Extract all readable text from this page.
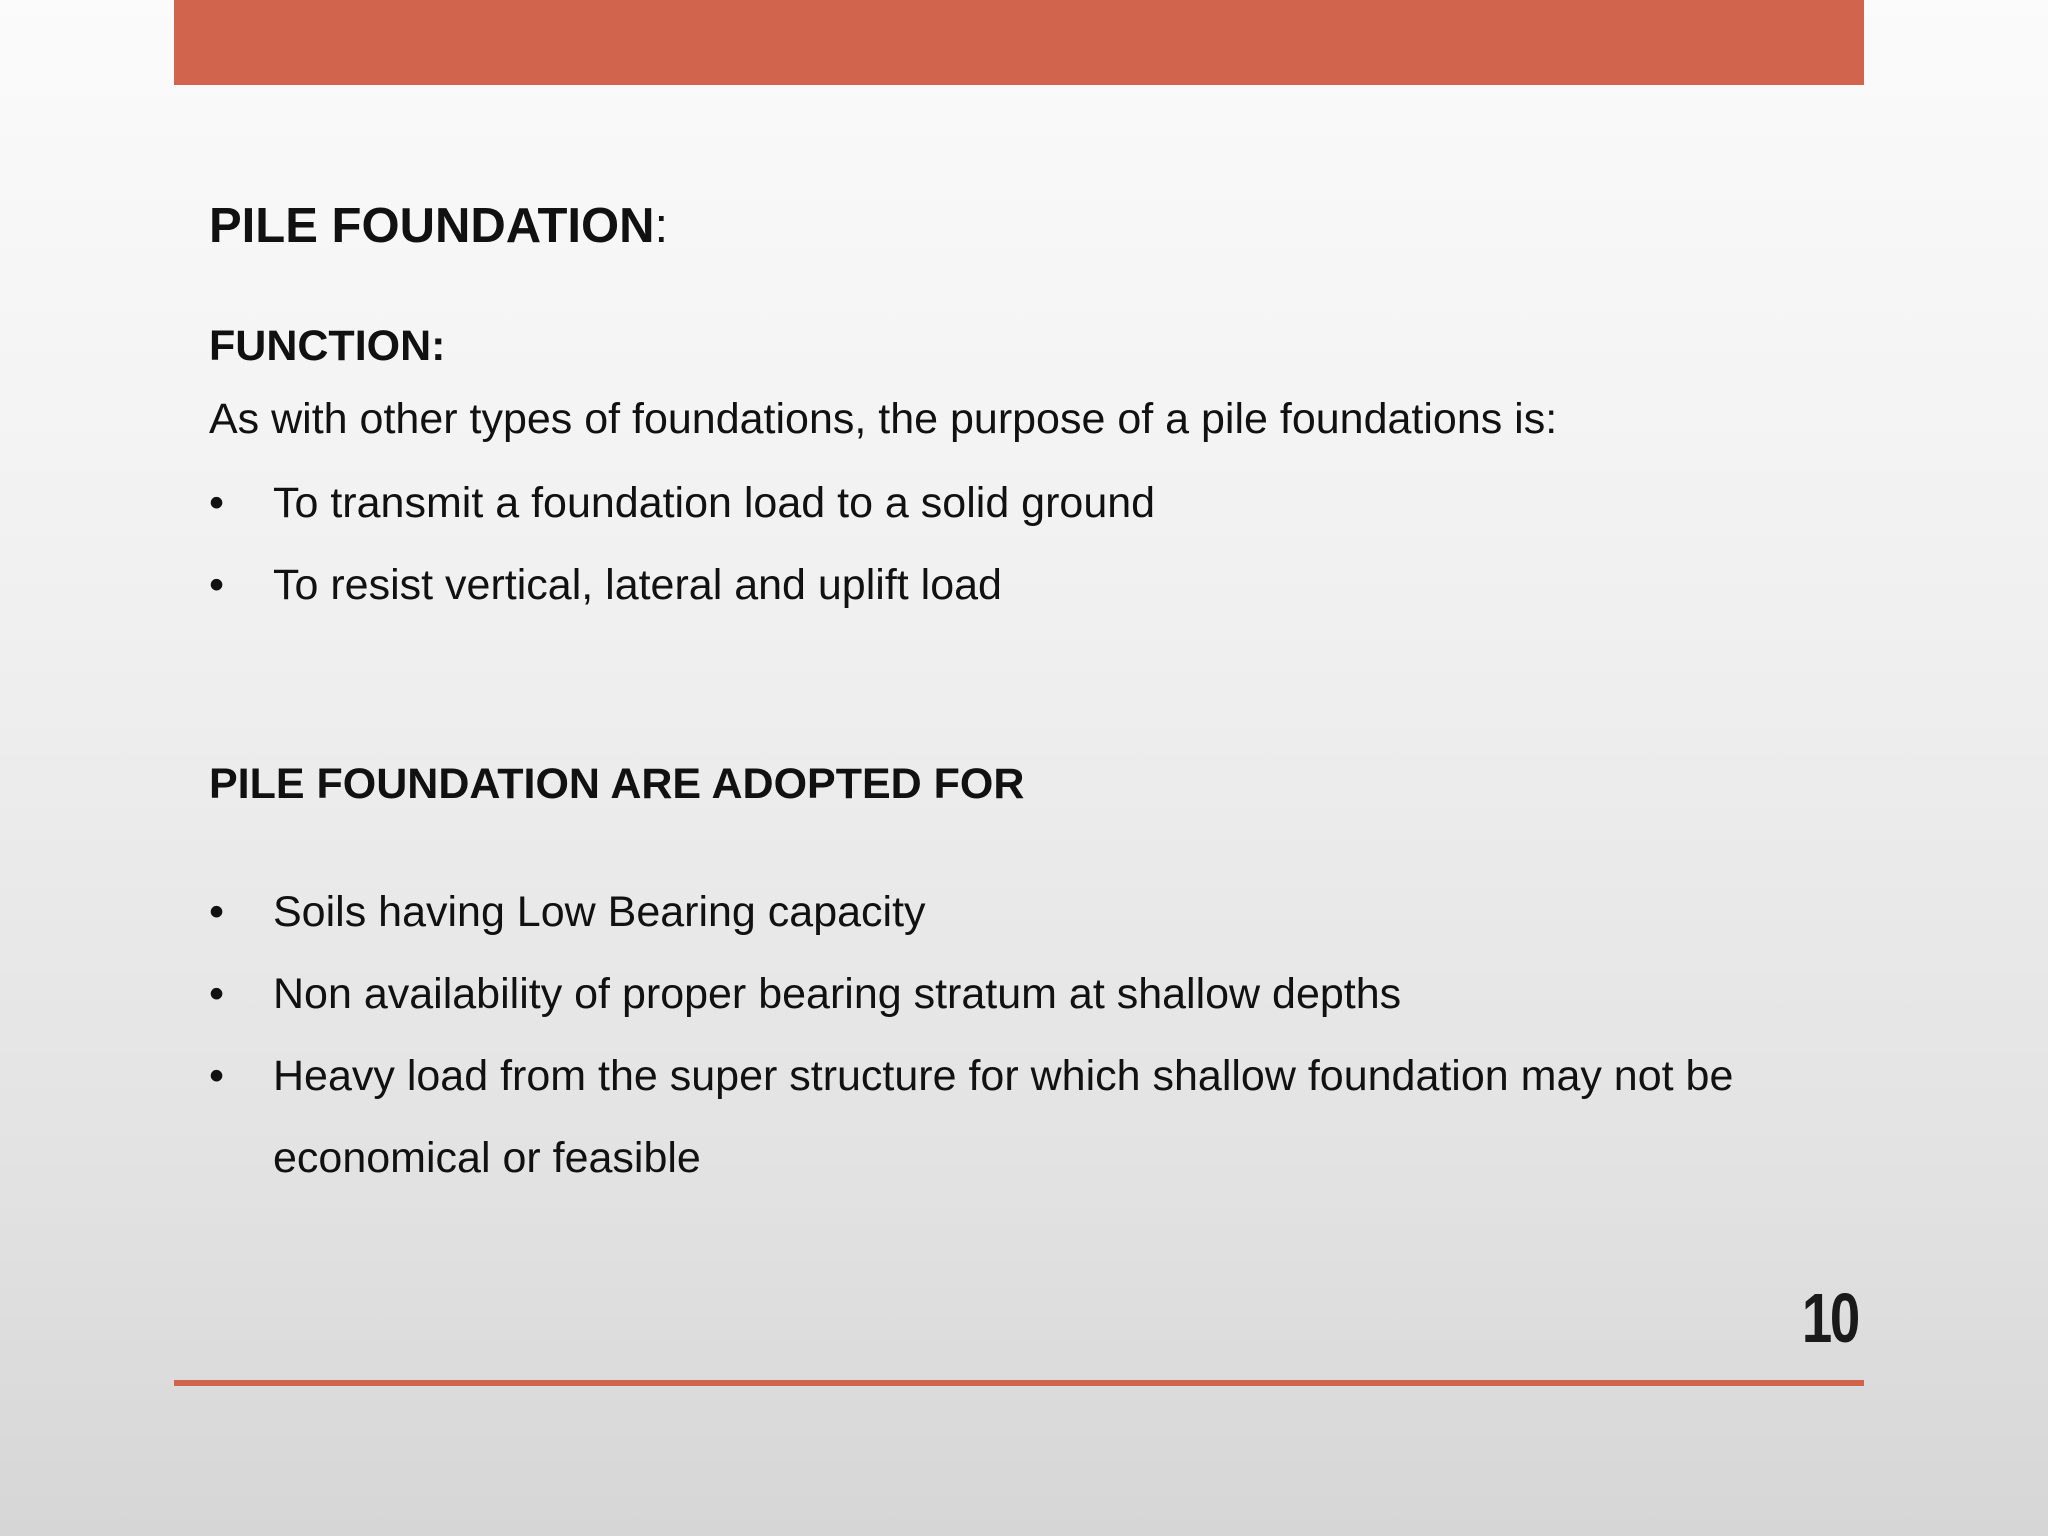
PILE FOUNDATION:
FUNCTION:
As with other types of foundations, the purpose of a pile foundations is:
• To transmit a foundation load to a solid ground
• To resist vertical, lateral and uplift load
PILE FOUNDATION ARE ADOPTED FOR
• Soils having Low Bearing capacity
• Non availability of proper bearing stratum at shallow depths
• Heavy load from the super structure for which shallow foundation may not be economical or feasible
10
